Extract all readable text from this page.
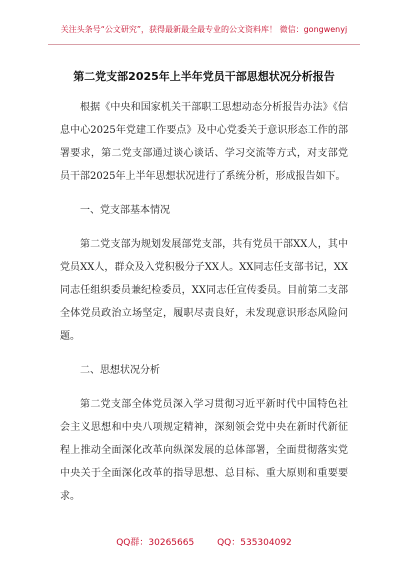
关注头条号“公文研究”，获得最新最全最专业的公文资料库！ 微信：gongwenyj
第二党支部2025年上半年党员干部思想状况分析报告

根据《中央和国家机关干部职工思想动态分析报告办法》《信息中心2025年党建工作要点》及中心党委关于意识形态工作的部署要求，第二党支部通过谈心谈话、学习交流等方式，对支部党员干部2025年上半年思想状况进行了系统分析，形成报告如下。

一、党支部基本情况

第二党支部为规划发展部党支部，共有党员干部XX人，其中党员XX人，群众及入党积极分子XX人。XX同志任支部书记，XX同志任组织委员兼纪检委员，XX同志任宣传委员。目前第二支部全体党员政治立场坚定，履职尽责良好，未发现意识形态风险问题。

二、思想状况分析

第二党支部全体党员深入学习贯彻习近平新时代中国特色社会主义思想和中央八项规定精神，深刻领会党中央在新时代新征程上推动全面深化改革向纵深发展的总体部署，全面贯彻落实党中央关于全面深化改革的指导思想、总目标、重大原则和重要要求。

QQ群：30265665	QQ：535304092
